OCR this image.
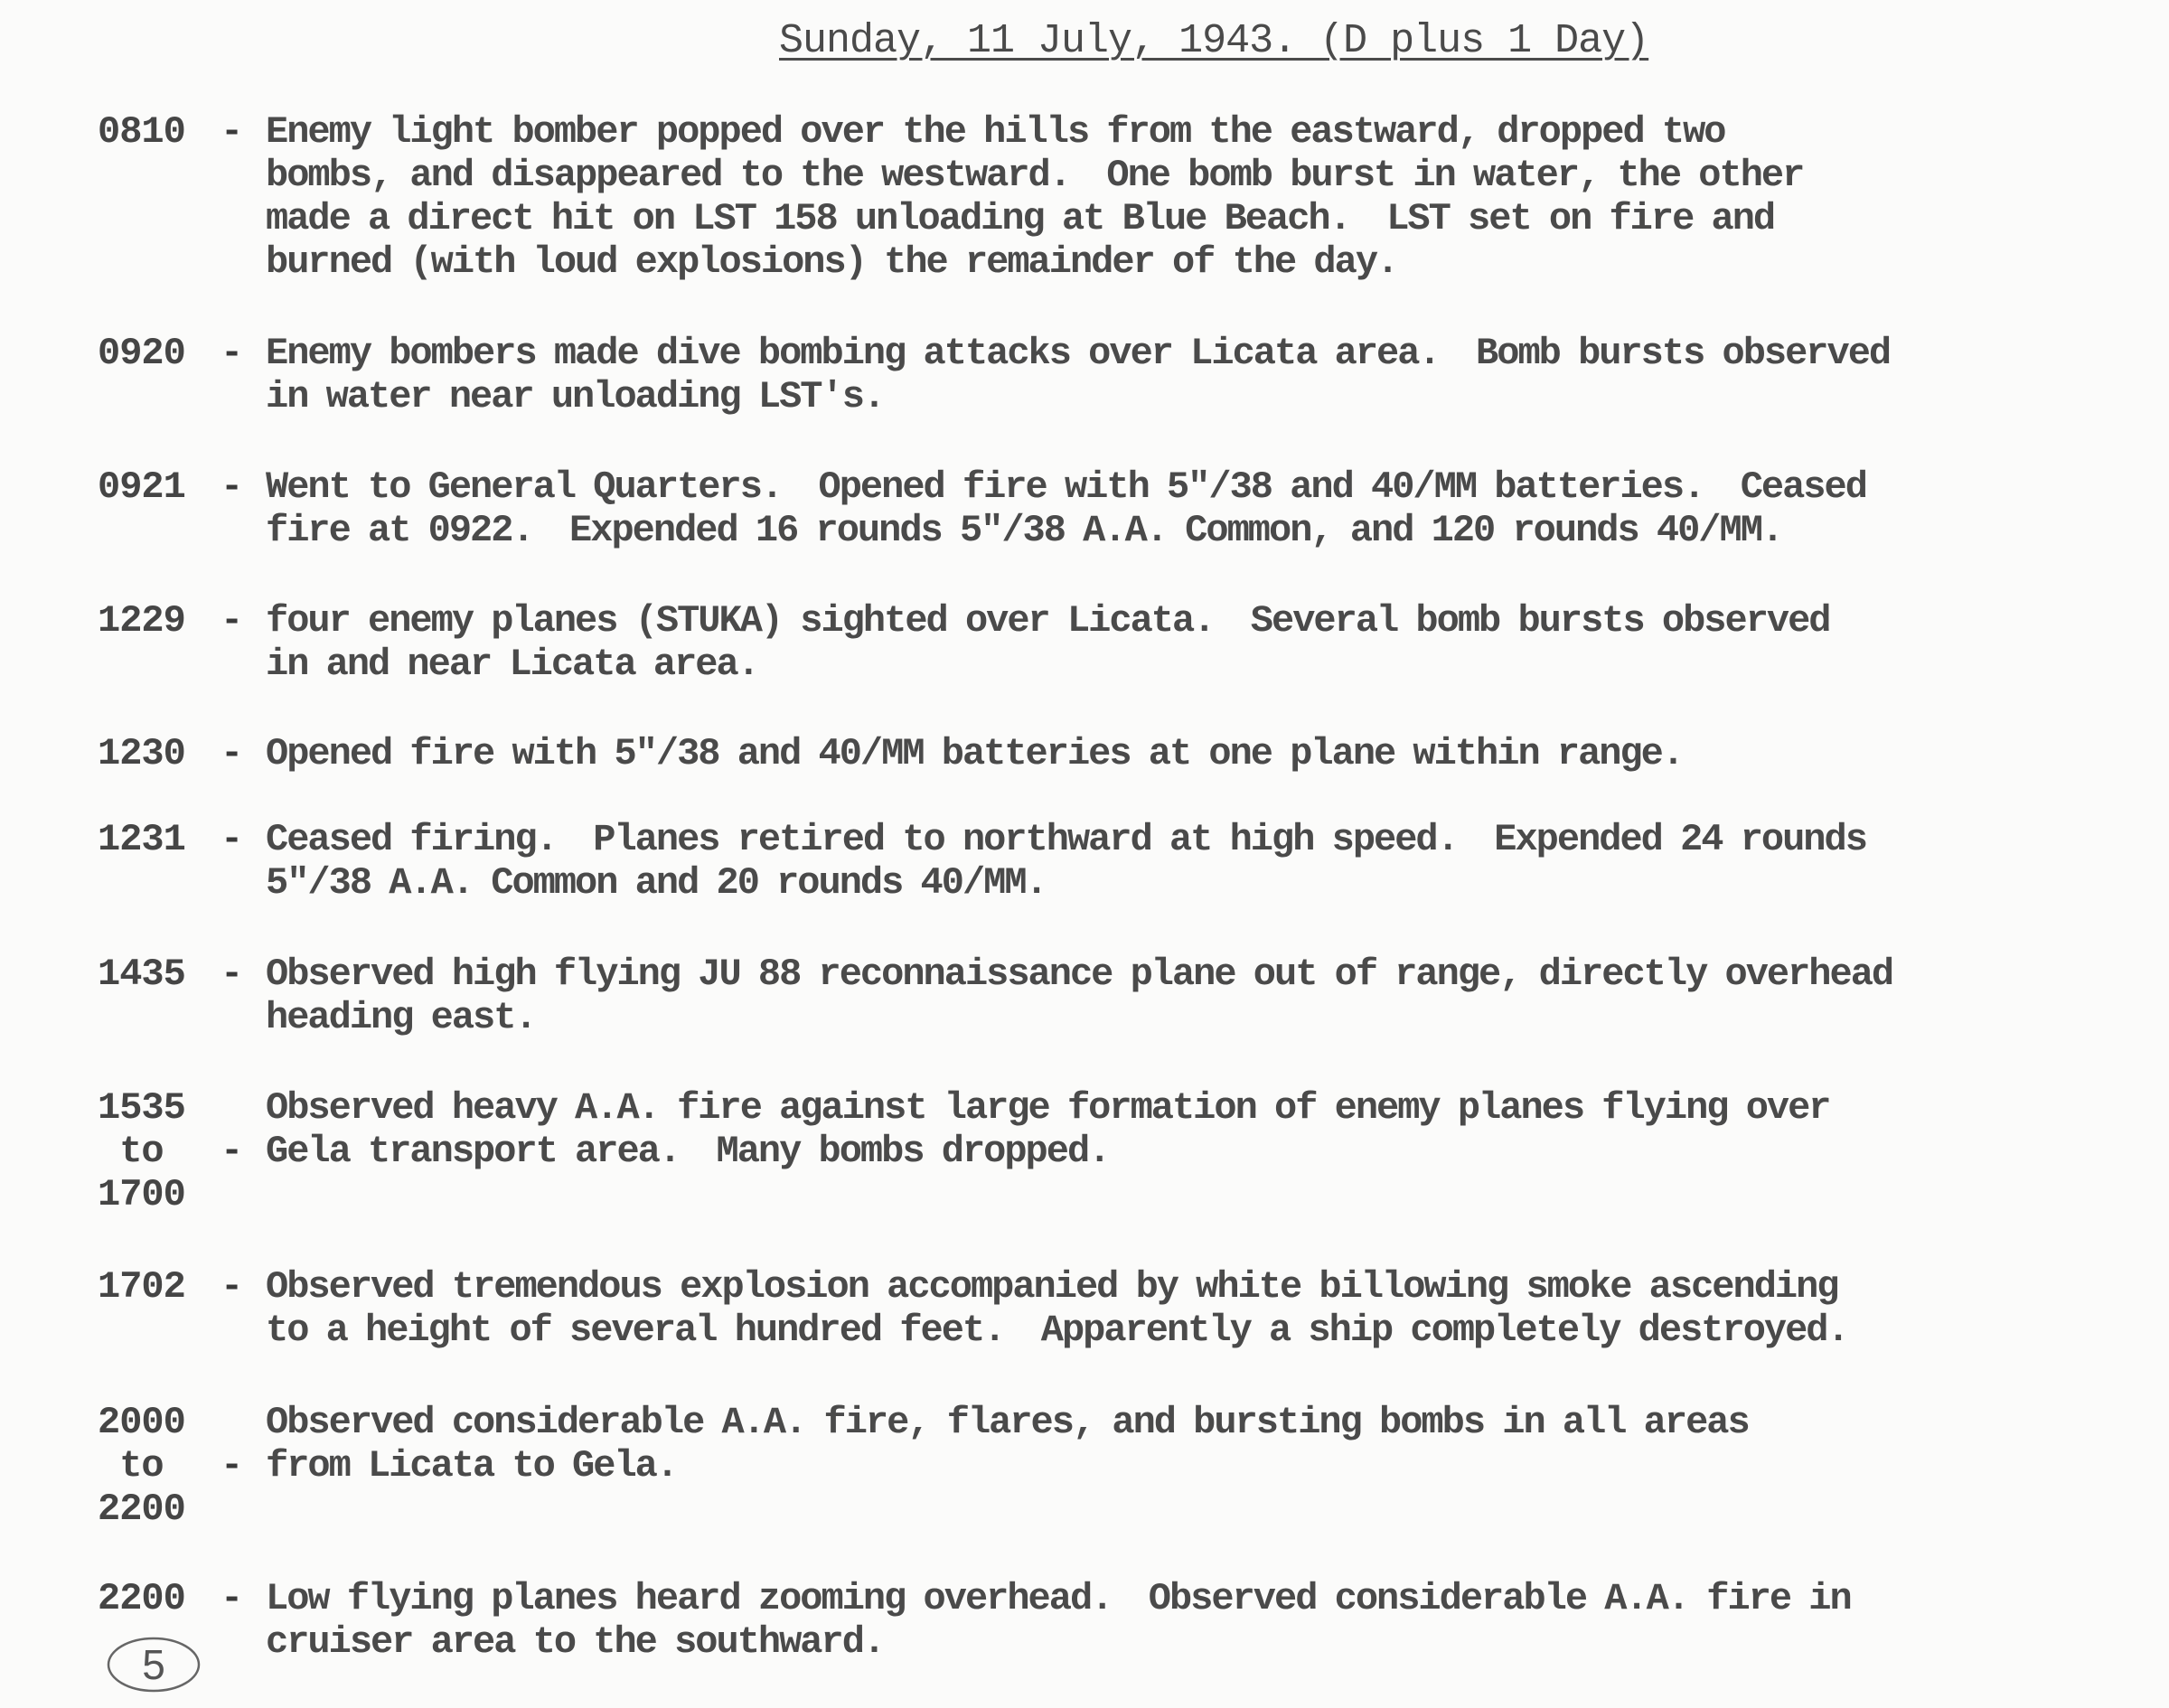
Sunday, 11 July, 1943. (D plus 1 Day)
0810 - Enemy light bomber popped over the hills from the eastward, dropped two
bombs, and disappeared to the westward.  One bomb burst in water, the other
made a direct hit on LST 158 unloading at Blue Beach.  LST set on fire and
burned (with loud explosions) the remainder of the day.
0920 - Enemy bombers made dive bombing attacks over Licata area.  Bomb bursts observed
in water near unloading LST's.
0921 - Went to General Quarters.  Opened fire with 5"/38 and 40/MM batteries.  Ceased
fire at 0922.  Expended 16 rounds 5"/38 A.A. Common, and 120 rounds 40/MM.
1229 - four enemy planes (STUKA) sighted over Licata.  Several bomb bursts observed
in and near Licata area.
1230 - Opened fire with 5"/38 and 40/MM batteries at one plane within range.
1231 - Ceased firing.  Planes retired to northward at high speed.  Expended 24 rounds
5"/38 A.A. Common and 20 rounds 40/MM.
1435 - Observed high flying JU 88 reconnaissance plane out of range, directly overhead
heading east.
1535
to
1700
-
Observed heavy A.A. fire against large formation of enemy planes flying over
Gela transport area.  Many bombs dropped.
1702 - Observed tremendous explosion accompanied by white billowing smoke ascending
to a height of several hundred feet.  Apparently a ship completely destroyed.
2000
to
2200
-
Observed considerable A.A. fire, flares, and bursting bombs in all areas
from Licata to Gela.
2200 - Low flying planes heard zooming overhead.  Observed considerable A.A. fire in
cruiser area to the southward.
5
